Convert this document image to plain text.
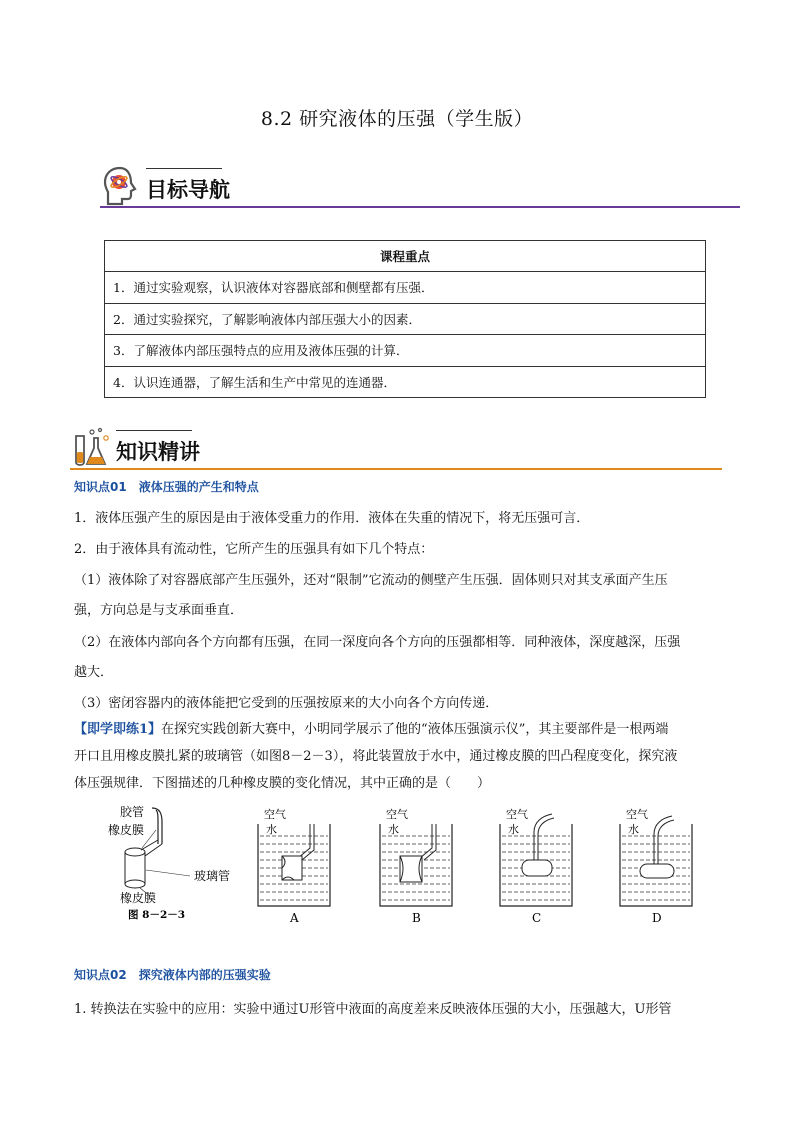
8.2 研究液体的压强（学生版）
目标导航
课程重点
1．通过实验观察，认识液体对容器底部和侧壁都有压强．
2．通过实验探究，了解影响液体内部压强大小的因素．
3．了解液体内部压强特点的应用及液体压强的计算．
4．认识连通器，了解生活和生产中常见的连通器．
知识精讲
知识点01　 液体压强的产生和特点
1．液体压强产生的原因是由于液体受重力的作用．液体在失重的情况下，将无压强可言．
2．由于液体具有流动性，它所产生的压强具有如下几个特点：
（1）液体除了对容器底部产生压强外，还对“限制”它流动的侧壁产生压强．固体则只对其支承面产生压
强，方向总是与支承面垂直．
（2）在液体内部向各个方向都有压强，在同一深度向各个方向的压强都相等．同种液体，深度越深，压强
越大．
（3）密闭容器内的液体能把它受到的压强按原来的大小向各个方向传递．
【即学即练1】在探究实践创新大赛中，小明同学展示了他的“液体压强演示仪”，其主要部件是一根两端
开口且用橡皮膜扎紧的玻璃管（如图8－2－3），将此装置放于水中，通过橡皮膜的凹凸程度变化，探究液
体压强规律．下图描述的几种橡皮膜的变化情况，其中正确的是（　　）
胶管
橡皮膜
玻璃管
橡皮膜
图 8－2－3
空气
水
A
空气
水
B
空气
水
C
空气
水
D
知识点02　 探究液体内部的压强实验
1. 转换法在实验中的应用：实验中通过U形管中液面的高度差来反映液体压强的大小，压强越大，U形管
